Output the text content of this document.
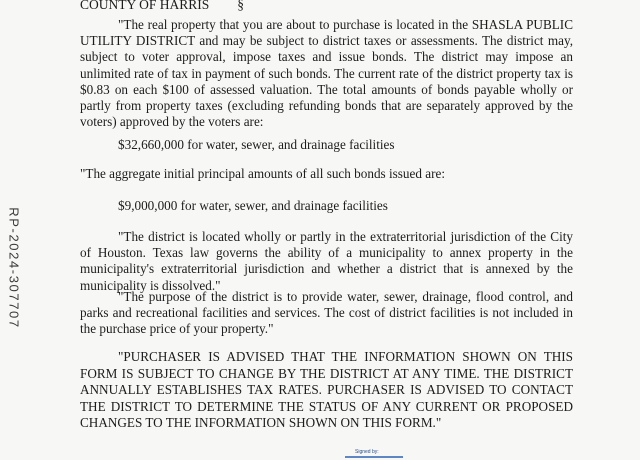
COUNTY OF HARRIS §

"The real property that you are about to purchase is located in the SHASLA PUBLIC UTILITY DISTRICT and may be subject to district taxes or assessments. The district may, subject to voter approval, impose taxes and issue bonds. The district may impose an unlimited rate of tax in payment of such bonds. The current rate of the district property tax is $0.83 on each $100 of assessed valuation. The total amounts of bonds payable wholly or partly from property taxes (excluding refunding bonds that are separately approved by the voters) approved by the voters are:

$32,660,000 for water, sewer, and drainage facilities

"The aggregate initial principal amounts of all such bonds issued are:

$9,000,000 for water, sewer, and drainage facilities

"The district is located wholly or partly in the extraterritorial jurisdiction of the City of Houston. Texas law governs the ability of a municipality to annex property in the municipality's extraterritorial jurisdiction and whether a district that is annexed by the municipality is dissolved."

"The purpose of the district is to provide water, sewer, drainage, flood control, and parks and recreational facilities and services. The cost of district facilities is not included in the purchase price of your property."

"PURCHASER IS ADVISED THAT THE INFORMATION SHOWN ON THIS FORM IS SUBJECT TO CHANGE BY THE DISTRICT AT ANY TIME. THE DISTRICT ANNUALLY ESTABLISHES TAX RATES. PURCHASER IS ADVISED TO CONTACT THE DISTRICT TO DETERMINE THE STATUS OF ANY CURRENT OR PROPOSED CHANGES TO THE INFORMATION SHOWN ON THIS FORM."

RP-2024-307707
Signed by:
